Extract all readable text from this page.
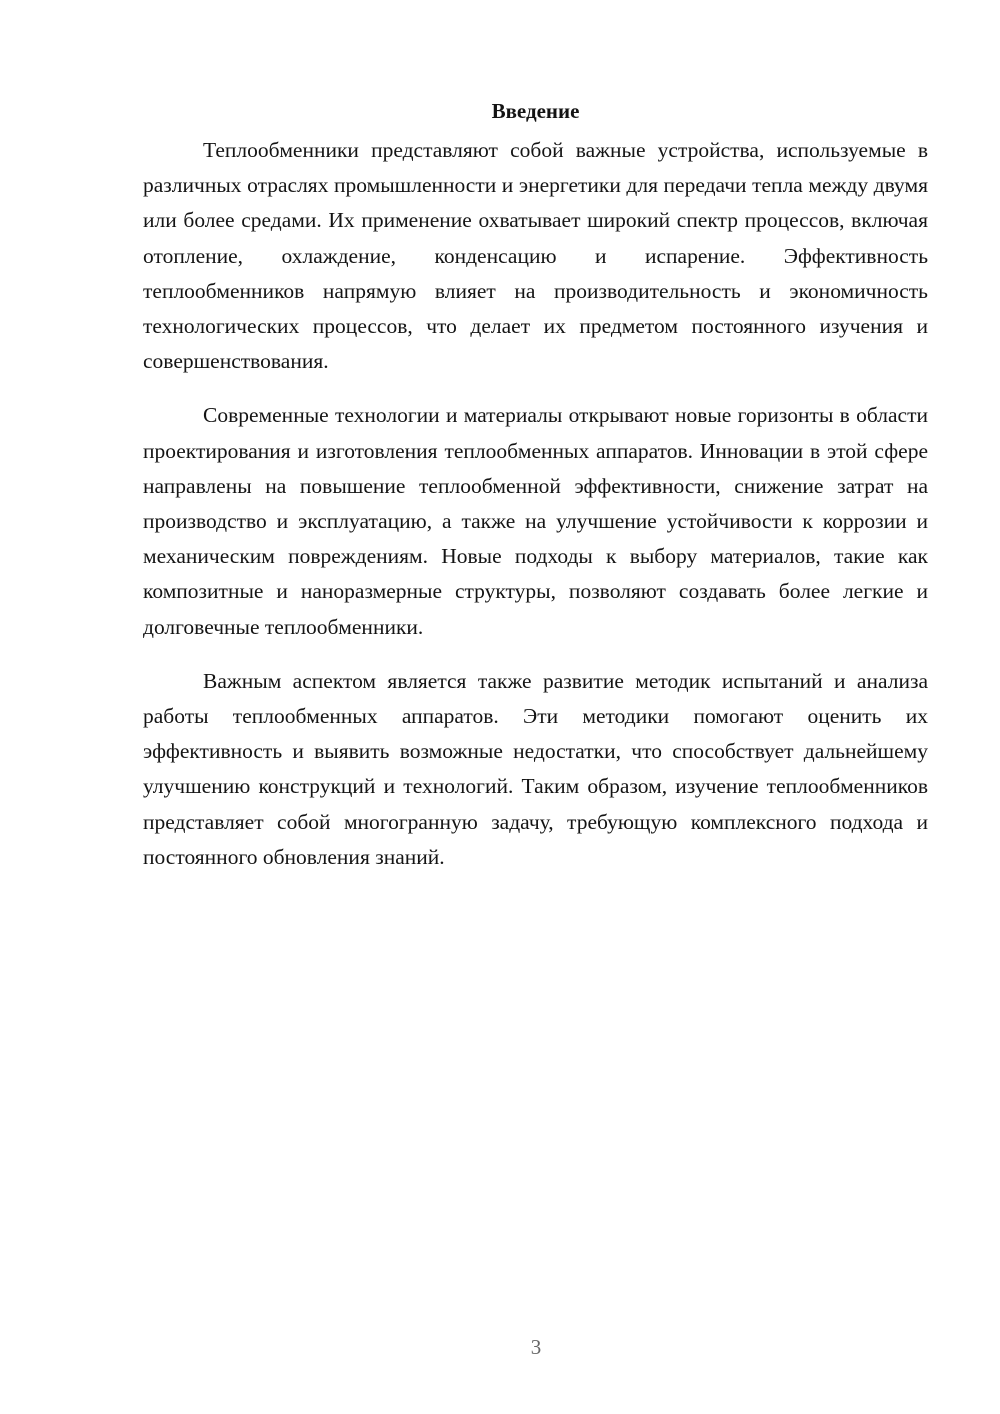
Введение

Теплообменники представляют собой важные устройства, используемые в различных отраслях промышленности и энергетики для передачи тепла между двумя или более средами. Их применение охватывает широкий спектр процессов, включая отопление, охлаждение, конденсацию и испарение. Эффективность теплообменников напрямую влияет на производительность и экономичность технологических процессов, что делает их предметом постоянного изучения и совершенствования.

Современные технологии и материалы открывают новые горизонты в области проектирования и изготовления теплообменных аппаратов. Инновации в этой сфере направлены на повышение теплообменной эффективности, снижение затрат на производство и эксплуатацию, а также на улучшение устойчивости к коррозии и механическим повреждениям. Новые подходы к выбору материалов, такие как композитные и наноразмерные структуры, позволяют создавать более легкие и долговечные теплообменники.

Важным аспектом является также развитие методик испытаний и анализа работы теплообменных аппаратов. Эти методики помогают оценить их эффективность и выявить возможные недостатки, что способствует дальнейшему улучшению конструкций и технологий. Таким образом, изучение теплообменников представляет собой многогранную задачу, требующую комплексного подхода и постоянного обновления знаний.

3
